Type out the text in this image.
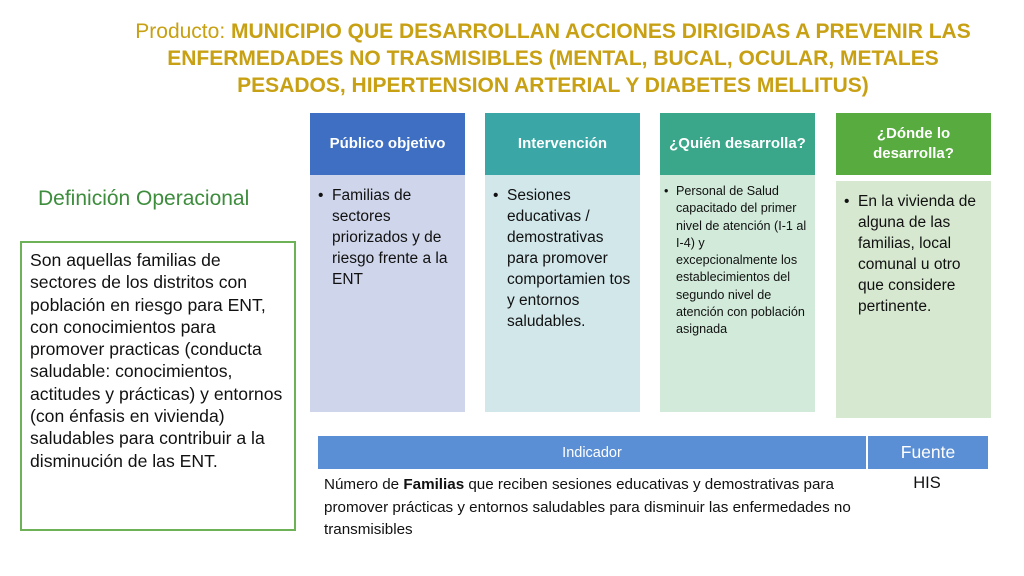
Producto: MUNICIPIO QUE DESARROLLAN ACCIONES DIRIGIDAS A PREVENIR LAS ENFERMEDADES NO TRASMISIBLES (MENTAL, BUCAL, OCULAR, METALES PESADOS, HIPERTENSION ARTERIAL Y DIABETES MELLITUS)
Definición Operacional
Son aquellas familias de sectores de los distritos con población en riesgo para ENT, con conocimientos para promover practicas (conducta saludable: conocimientos, actitudes y prácticas) y entornos (con énfasis en vivienda) saludables para contribuir a la disminución de las ENT.
Público objetivo
• Familias de sectores priorizados y de riesgo frente a la ENT
Intervención
• Sesiones educativas / demostrativas para promover comportamien tos y entornos saludables.
¿Quién desarrolla?
• Personal de Salud capacitado del primer nivel de atención (I-1 al I-4) y excepcionalmente los establecimientos del segundo nivel de atención con población asignada
¿Dónde lo desarrolla?
• En la vivienda de alguna de las familias, local comunal u otro que considere pertinente.
Indicador	Fuente
Número de Familias que reciben sesiones educativas y demostrativas para promover prácticas y entornos saludables para disminuir las enfermedades no transmisibles
HIS
